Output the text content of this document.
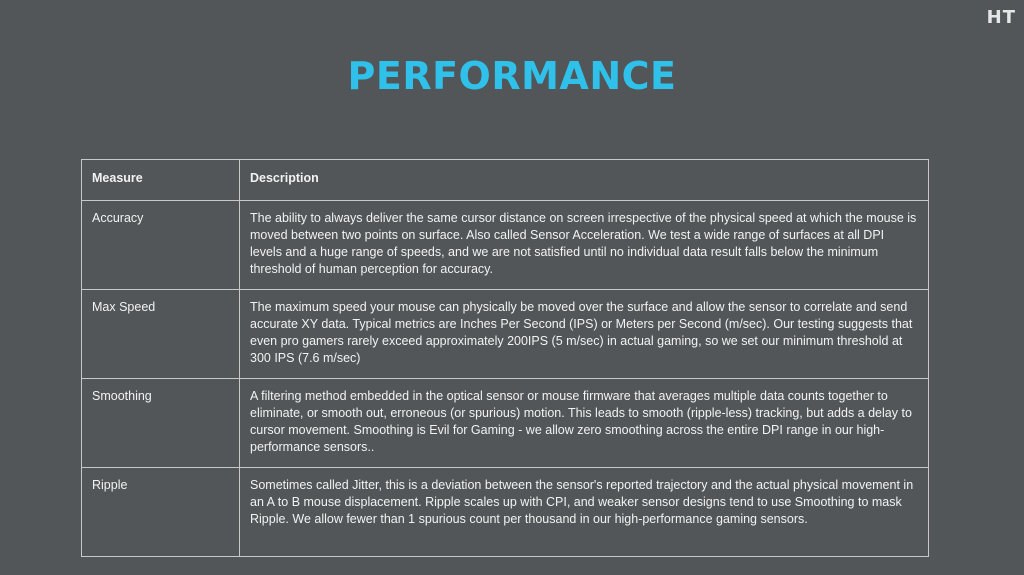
HT
PERFORMANCE
Measure	Description
Accuracy	The ability to always deliver the same cursor distance on screen irrespective of the physical speed at which the mouse is moved between two points on surface. Also called Sensor Acceleration. We test a wide range of surfaces at all DPI levels and a huge range of speeds, and we are not satisfied until no individual data result falls below the minimum threshold of human perception for accuracy.
Max Speed	The maximum speed your mouse can physically be moved over the surface and allow the sensor to correlate and send accurate XY data. Typical metrics are Inches Per Second (IPS) or Meters per Second (m/sec). Our testing suggests that even pro gamers rarely exceed approximately 200IPS (5 m/sec) in actual gaming, so we set our minimum threshold at 300 IPS (7.6 m/sec)
Smoothing	A filtering method embedded in the optical sensor or mouse firmware that averages multiple data counts together to eliminate, or smooth out, erroneous (or spurious) motion. This leads to smooth (ripple-less) tracking, but adds a delay to cursor movement. Smoothing is Evil for Gaming - we allow zero smoothing across the entire DPI range in our high-performance sensors..
Ripple	Sometimes called Jitter, this is a deviation between the sensor's reported trajectory and the actual physical movement in an A to B mouse displacement. Ripple scales up with CPI, and weaker sensor designs tend to use Smoothing to mask Ripple. We allow fewer than 1 spurious count per thousand in our high-performance gaming sensors.
